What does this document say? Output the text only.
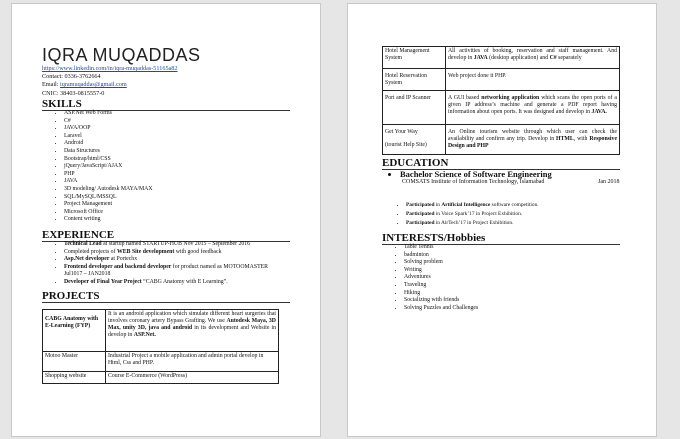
IQRA MUQADDAS
https://www.linkedin.com/in/iqra-muqaddas-51165a82
Contact: 0336-3762664
Email: iqramuqaddas@gmail.com
CNIC: 38403-0815557-0
SKILLS
• ASP.Net Web Forms
• C#
• JAVA/OOP
• Laravel
• Android
• Data Structures
• Bootstrap/html/CSS
• jQuery/JavaScript/AJAX
• PHP
• JAVA
• 3D modeling/ Autodesk MAYA/MAX
• SQL/MySQL/MSSQL
• Project Management
• Microsoft Office
• Content writing
EXPERIENCE
• Technical Lead at startup named STARTUP-HUB Nov 2015 – September 2016
• Completed projects of WEB Site development with good feedback
• Asp.Net developer at Portechx
• Frontend developer and backend developer for product named as MOTOOMASTER
Jul1017 – JAN2018
• Developer of Final Year Project “CABG Anatomy with E Learning”.
PROJECTS
CABG Anatomy with E-Learning (FYP)	It is an android application which simulate different heart surgeries that involves coronary artery Bypass Grafting. We use Autodesk Maya, 3D Max, unity 3D, java and android in its development and Website in develop in ASP.Net.
Motoo Master	Industrial Project a mobile application and admin portal develop in Html, Css and PHP.
Shopping website	Course E-Commerce (WordPress)
Hotel Management System	All activities of booking, reservation and staff management. And develop in JAVA (desktop application) and C# separately
Hotel Reservation System	Web project done it PHP.
Port and IP Scanner	A GUI based networking application which scans the open ports of a given IP address’s machine and generate a PDF report having information about open ports. It was designed and develop in JAVA.

Get Your Way
(tourist Help Site)	An Online tourism website through which user can check the availability and confirm any trip. Develop in HTML, with Responsive Design and PHP
EDUCATION
• Bachelor Science of Software Engineering
COMSATS Institute of Information Technology, Islamabad	Jan 2018
• Participated in Artificial Intelligence software competition.
• Participated in Voice Spark’17 in Project Exhibition.
• Participated in AirTech’17 in Project Exhibition.
INTERESTS/Hobbies
• Table Tennis
• badminton
• Solving problem
• Writing
• Adventures
• Traveling
• Hiking
• Socializing with friends
• Solving Puzzles and Challenges
